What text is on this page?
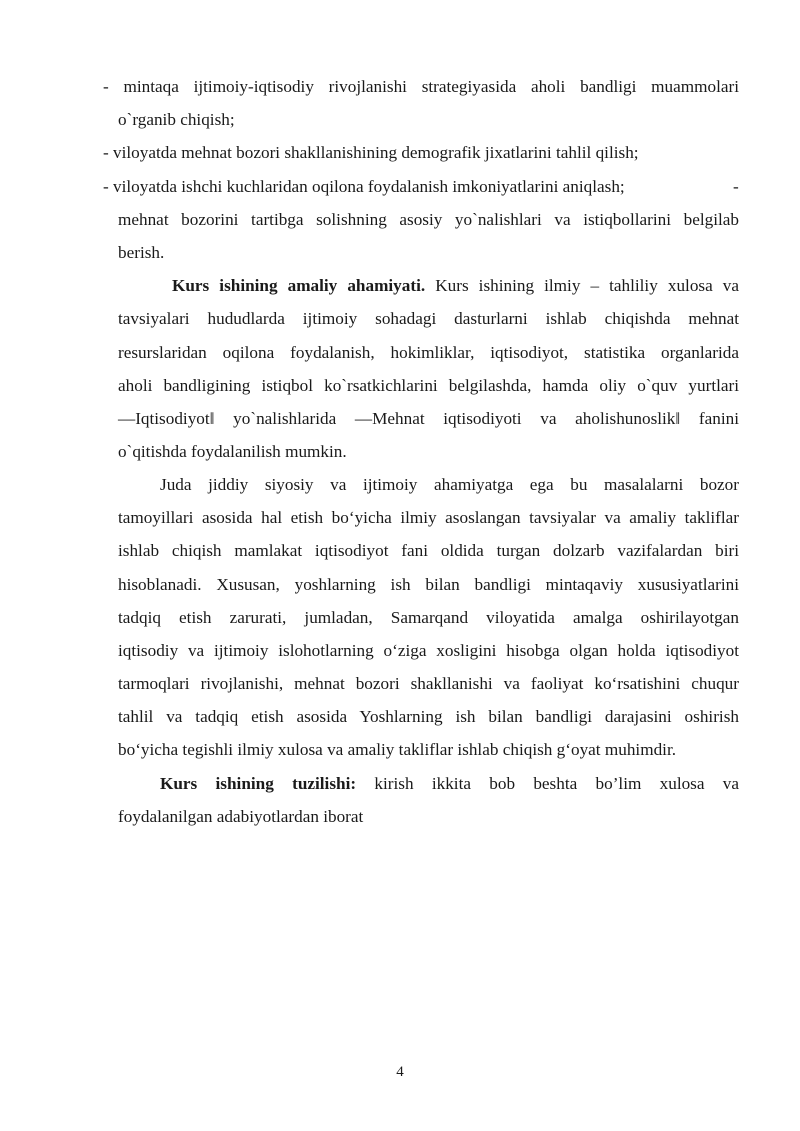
- mintaqa ijtimoiy-iqtisodiy rivojlanishi strategiyasida aholi bandligi muammolari
o`rganib chiqish;
- viloyatda mehnat bozori shakllanishining demografik jixatlarini tahlil qilish;
- viloyatda ishchi kuchlaridan oqilona foydalanish imkoniyatlarini aniqlash;	-
mehnat bozorini tartibga solishning asosiy yo`nalishlari va istiqbollarini belgilab
berish.
Kurs ishining amaliy ahamiyati. Kurs ishining ilmiy – tahliliy xulosa va
tavsiyalari hududlarda ijtimoiy sohadagi dasturlarni ishlab chiqishda mehnat
resurslaridan oqilona foydalanish, hokimliklar, iqtisodiyot, statistika organlarida
aholi bandligining istiqbol ko`rsatkichlarini belgilashda, hamda oliy o`quv yurtlari
―Iqtisodiyot‖ yo`nalishlarida ―Mehnat iqtisodiyoti va aholishunoslik‖ fanini
o`qitishda foydalanilish mumkin.
Juda jiddiy siyosiy va ijtimoiy ahamiyatga ega bu masalalarni bozor
tamoyillari asosida hal etish bo‘yicha ilmiy asoslangan tavsiyalar va amaliy takliflar
ishlab chiqish mamlakat iqtisodiyot fani oldida turgan dolzarb vazifalardan biri
hisoblanadi. Xususan, yoshlarning ish bilan bandligi mintaqaviy xususiyatlarini
tadqiq etish zarurati, jumladan, Samarqand viloyatida amalga oshirilayotgan
iqtisodiy va ijtimoiy islohotlarning o‘ziga xosligini hisobga olgan holda iqtisodiyot
tarmoqlari rivojlanishi, mehnat bozori shakllanishi va faoliyat ko‘rsatishini chuqur
tahlil va tadqiq etish asosida Yoshlarning ish bilan bandligi darajasini oshirish
bo‘yicha tegishli ilmiy xulosa va amaliy takliflar ishlab chiqish g‘oyat muhimdir.
Kurs ishining tuzilishi: kirish ikkita bob beshta bo’lim xulosa va
foydalanilgan adabiyotlardan iborat
4
